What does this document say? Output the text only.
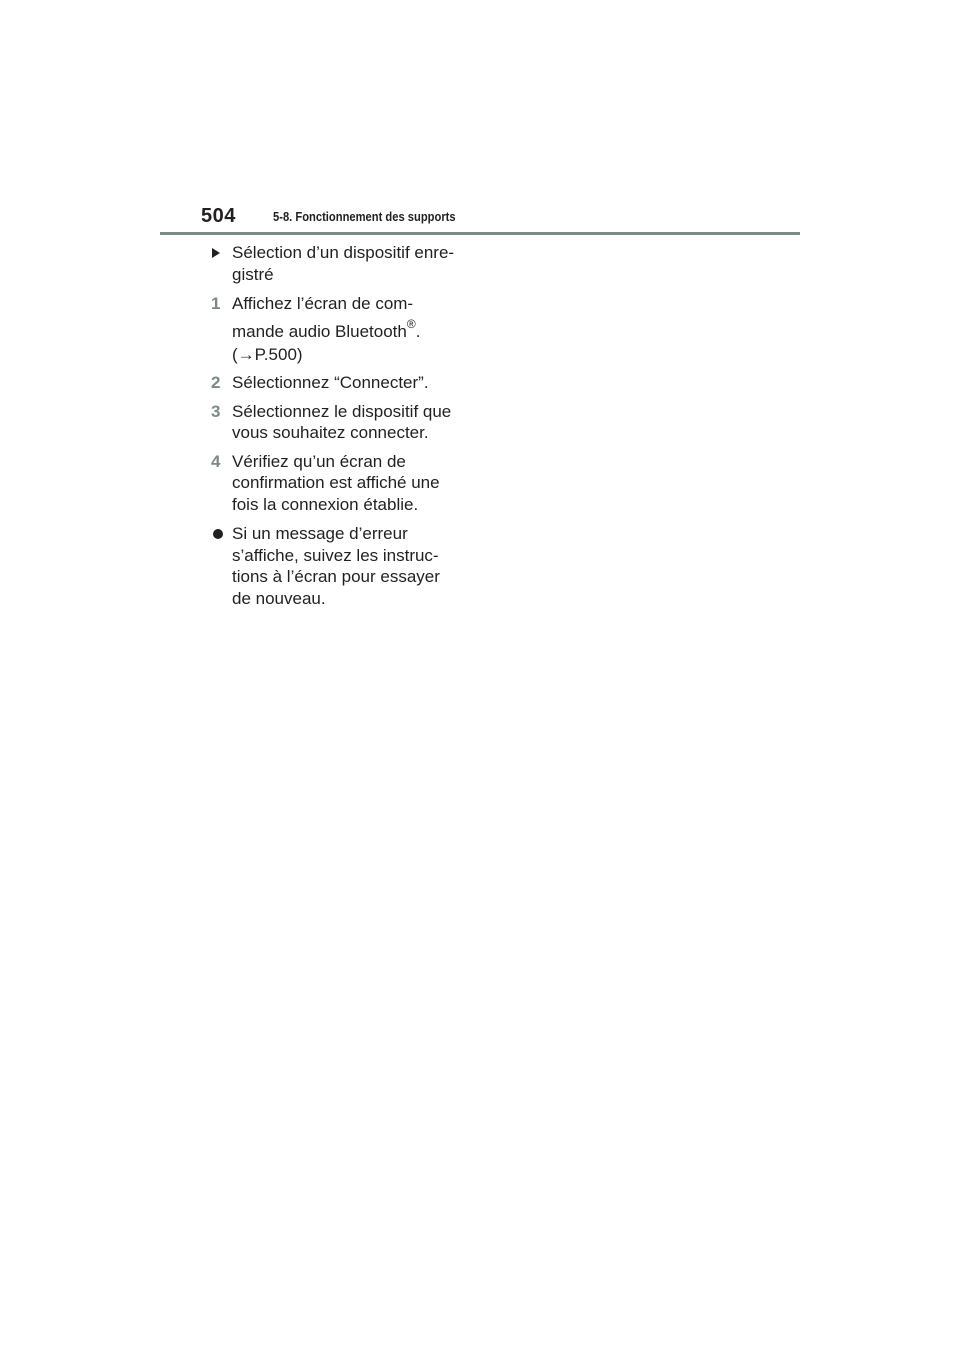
504	5-8. Fonctionnement des supports
Sélection d’un dispositif enre-
gistré
1 Affichez l’écran de com-
mande audio Bluetooth®.
(→P.500)
2 Sélectionnez “Connecter”.
3 Sélectionnez le dispositif que
vous souhaitez connecter.
4 Vérifiez qu’un écran de
confirmation est affiché une
fois la connexion établie.
Si un message d’erreur
s’affiche, suivez les instruc-
tions à l’écran pour essayer
de nouveau.
